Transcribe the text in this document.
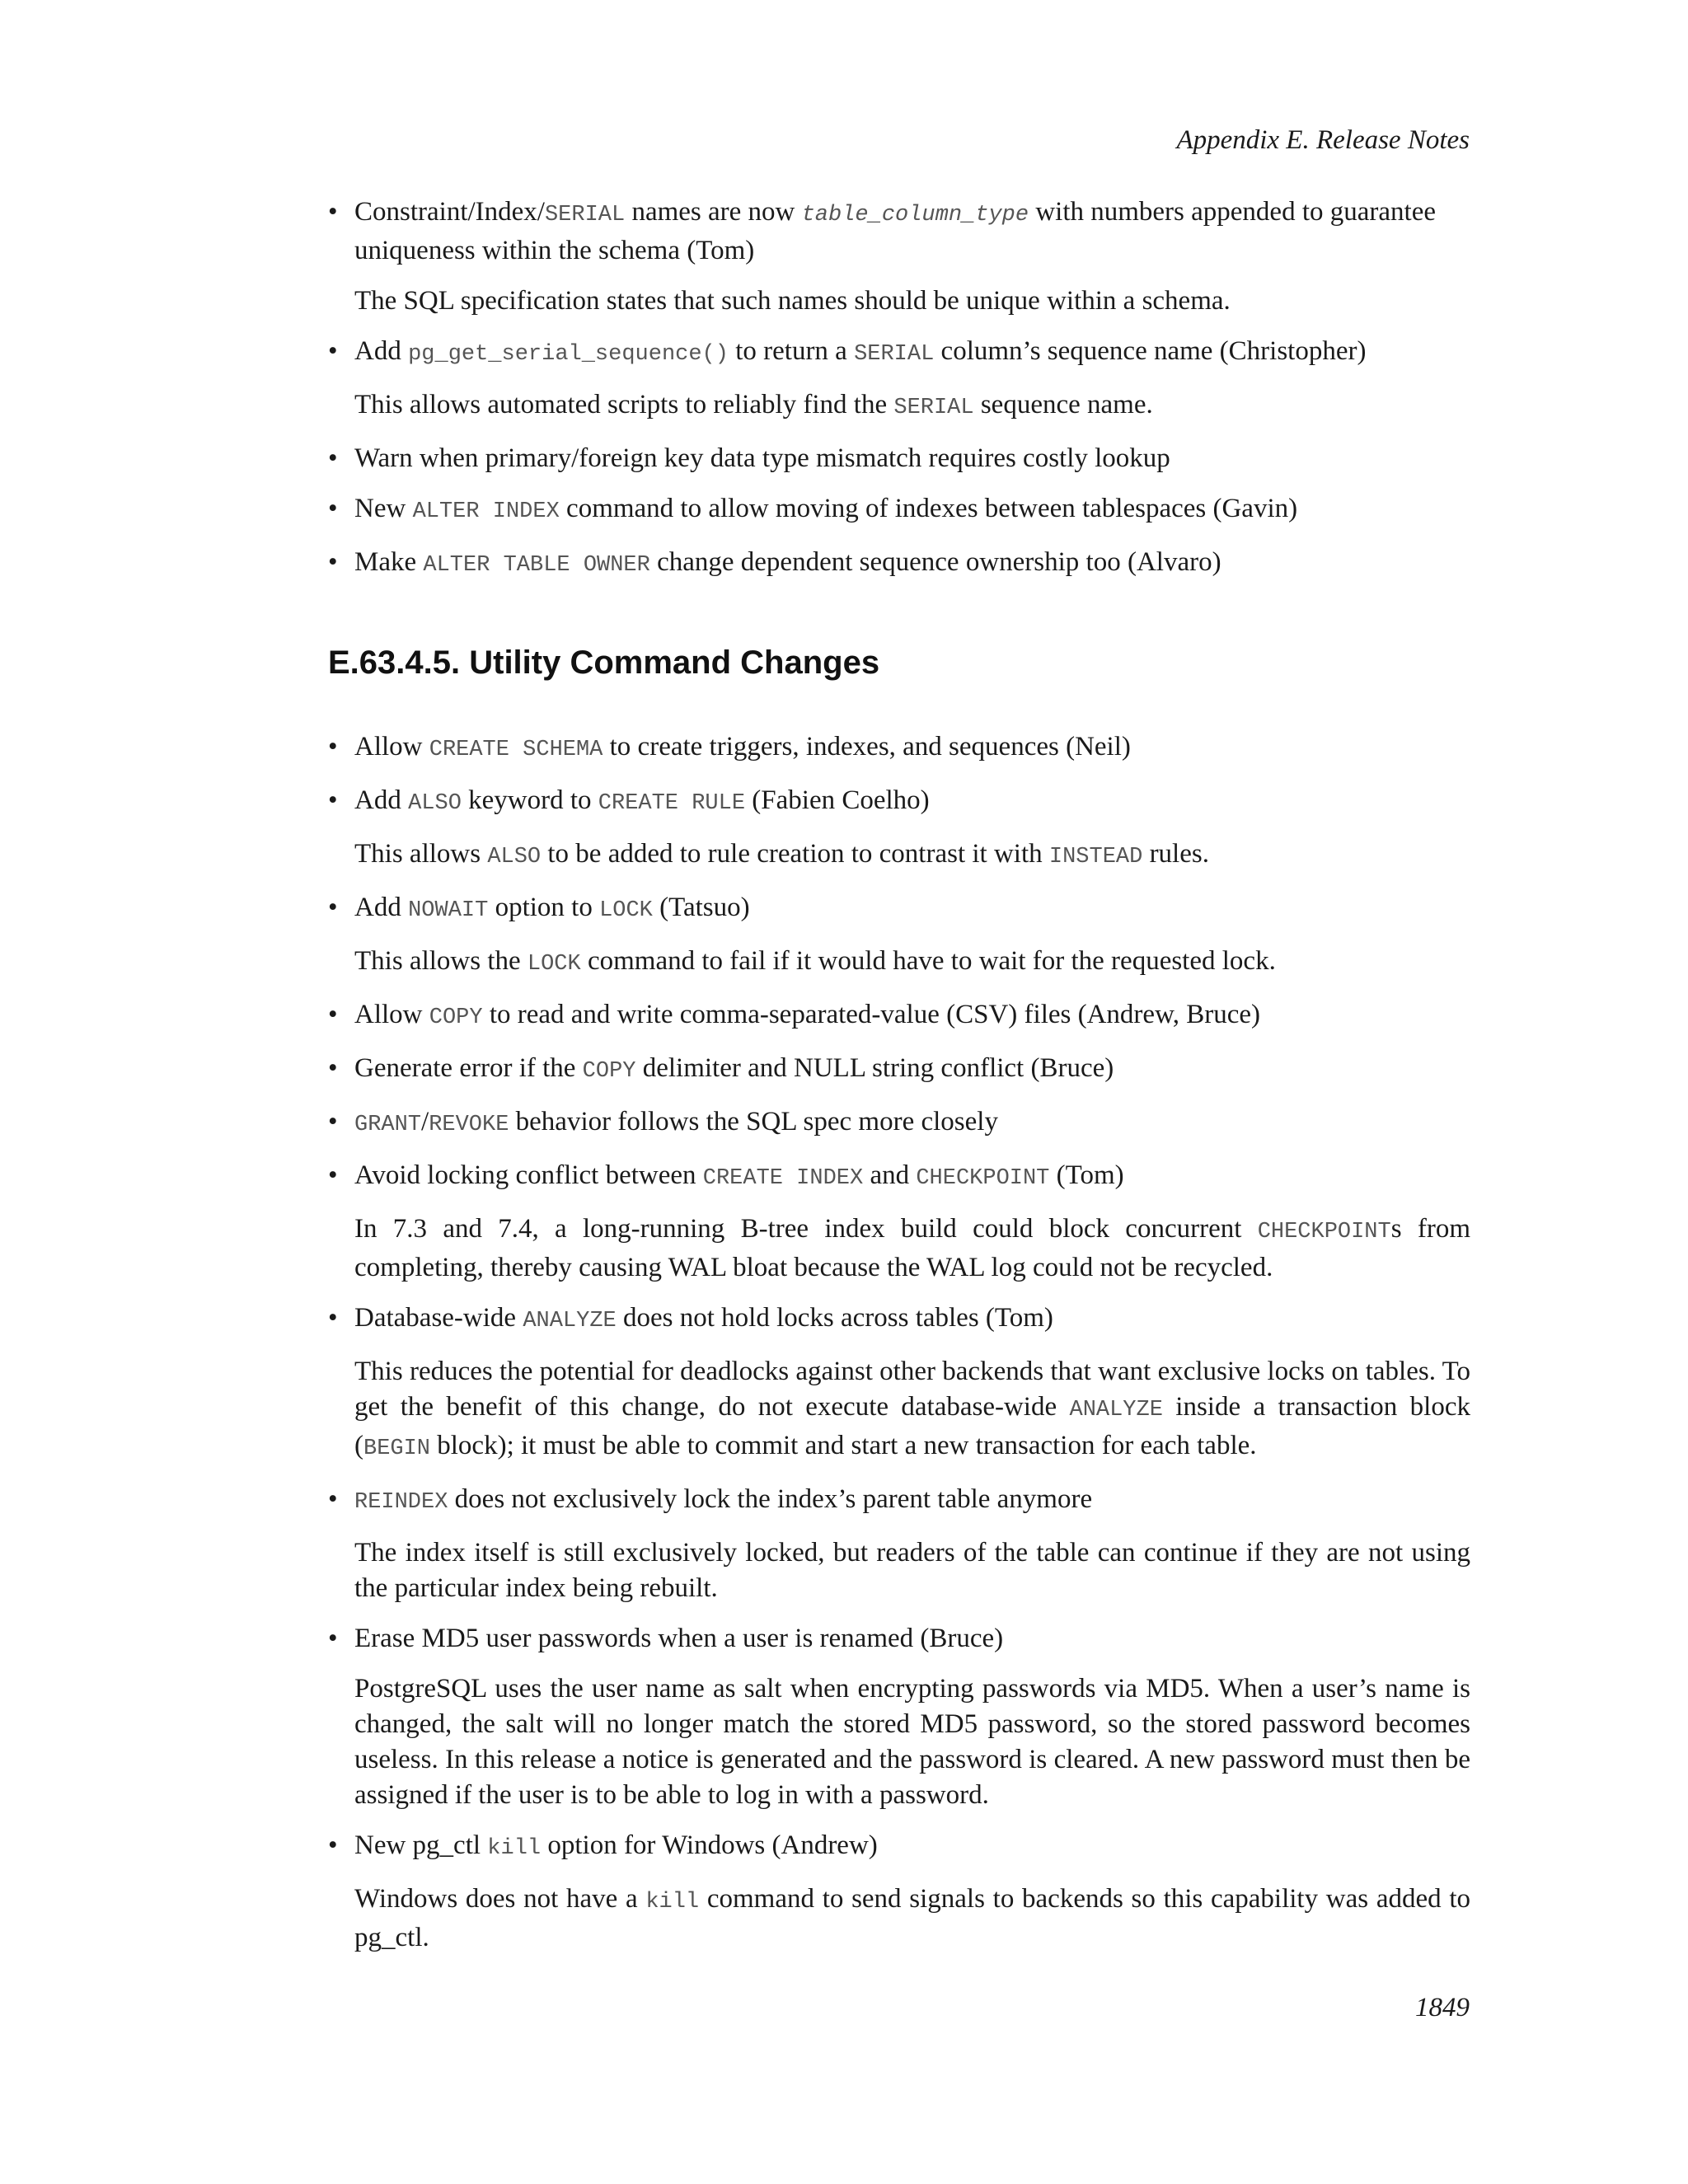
Appendix E. Release Notes
• Constraint/Index/SERIAL names are now table_column_type with numbers appended to guarantee uniqueness within the schema (Tom)
The SQL specification states that such names should be unique within a schema.
• Add pg_get_serial_sequence() to return a SERIAL column’s sequence name (Christopher)
This allows automated scripts to reliably find the SERIAL sequence name.
• Warn when primary/foreign key data type mismatch requires costly lookup
• New ALTER INDEX command to allow moving of indexes between tablespaces (Gavin)
• Make ALTER TABLE OWNER change dependent sequence ownership too (Alvaro)
E.63.4.5. Utility Command Changes
• Allow CREATE SCHEMA to create triggers, indexes, and sequences (Neil)
• Add ALSO keyword to CREATE RULE (Fabien Coelho)
This allows ALSO to be added to rule creation to contrast it with INSTEAD rules.
• Add NOWAIT option to LOCK (Tatsuo)
This allows the LOCK command to fail if it would have to wait for the requested lock.
• Allow COPY to read and write comma-separated-value (CSV) files (Andrew, Bruce)
• Generate error if the COPY delimiter and NULL string conflict (Bruce)
• GRANT/REVOKE behavior follows the SQL spec more closely
• Avoid locking conflict between CREATE INDEX and CHECKPOINT (Tom)
In 7.3 and 7.4, a long-running B-tree index build could block concurrent CHECKPOINTs from completing, thereby causing WAL bloat because the WAL log could not be recycled.
• Database-wide ANALYZE does not hold locks across tables (Tom)
This reduces the potential for deadlocks against other backends that want exclusive locks on tables. To get the benefit of this change, do not execute database-wide ANALYZE inside a transaction block (BEGIN block); it must be able to commit and start a new transaction for each table.
• REINDEX does not exclusively lock the index’s parent table anymore
The index itself is still exclusively locked, but readers of the table can continue if they are not using the particular index being rebuilt.
• Erase MD5 user passwords when a user is renamed (Bruce)
PostgreSQL uses the user name as salt when encrypting passwords via MD5. When a user’s name is changed, the salt will no longer match the stored MD5 password, so the stored password becomes useless. In this release a notice is generated and the password is cleared. A new password must then be assigned if the user is to be able to log in with a password.
• New pg_ctl kill option for Windows (Andrew)
Windows does not have a kill command to send signals to backends so this capability was added to pg_ctl.
1849
